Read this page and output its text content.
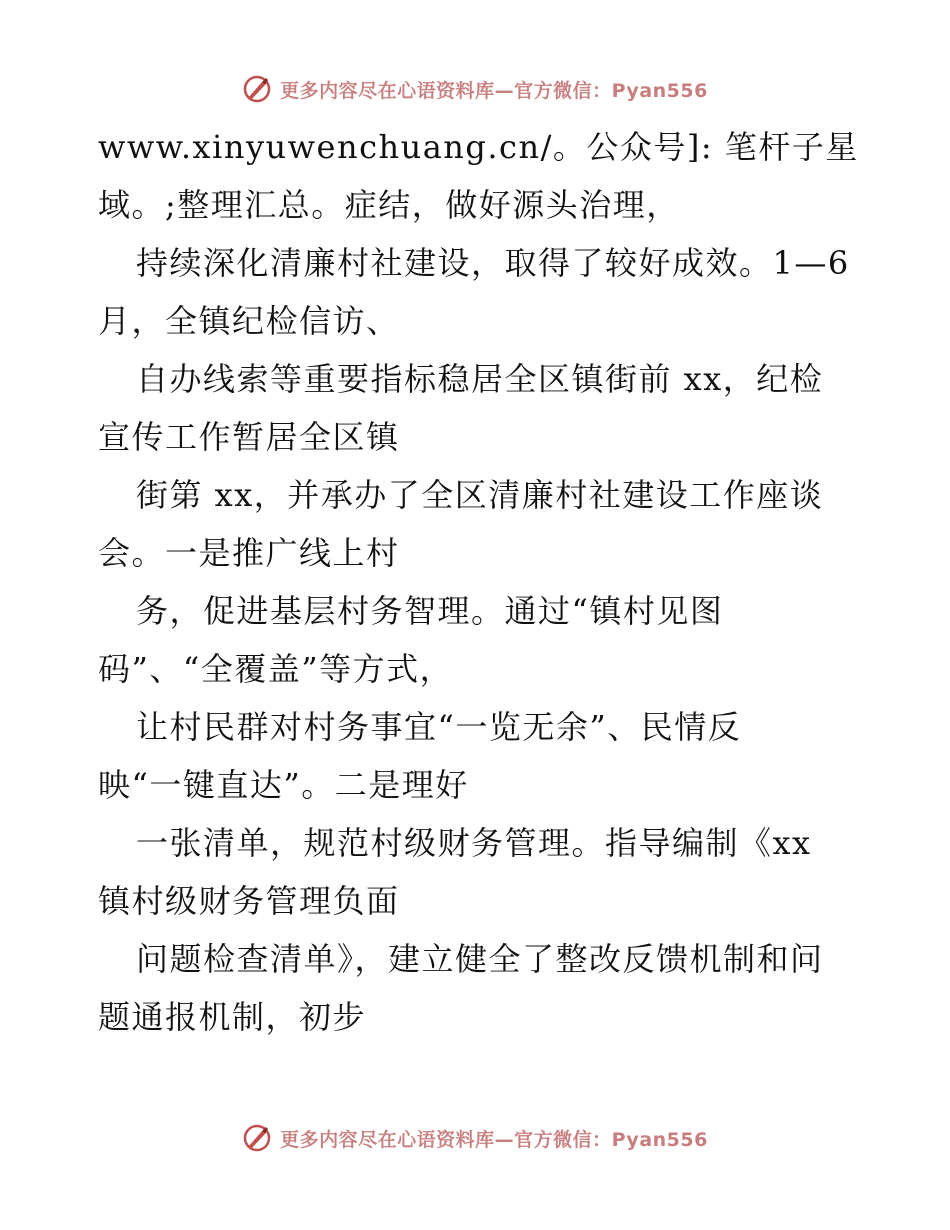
更多内容尽在心语资料库—官方微信：Pyan556
www.xinyuwenchuang.cn/。公众号]: 笔杆子星
域。;整理汇总。症结，做好源头治理，
持续深化清廉村社建设，取得了较好成效。1—6
月，全镇纪检信访、
自办线索等重要指标稳居全区镇街前 xx，纪检
宣传工作暂居全区镇
街第 xx，并承办了全区清廉村社建设工作座谈
会。一是推广线上村
务，促进基层村务智理。通过“镇村见图
码”、“全覆盖”等方式，
让村民群对村务事宜“一览无余”、民情反
映“一键直达”。二是理好
一张清单，规范村级财务管理。指导编制《xx
镇村级财务管理负面
问题检查清单》，建立健全了整改反馈机制和问
题通报机制，初步
更多内容尽在心语资料库—官方微信：Pyan556
